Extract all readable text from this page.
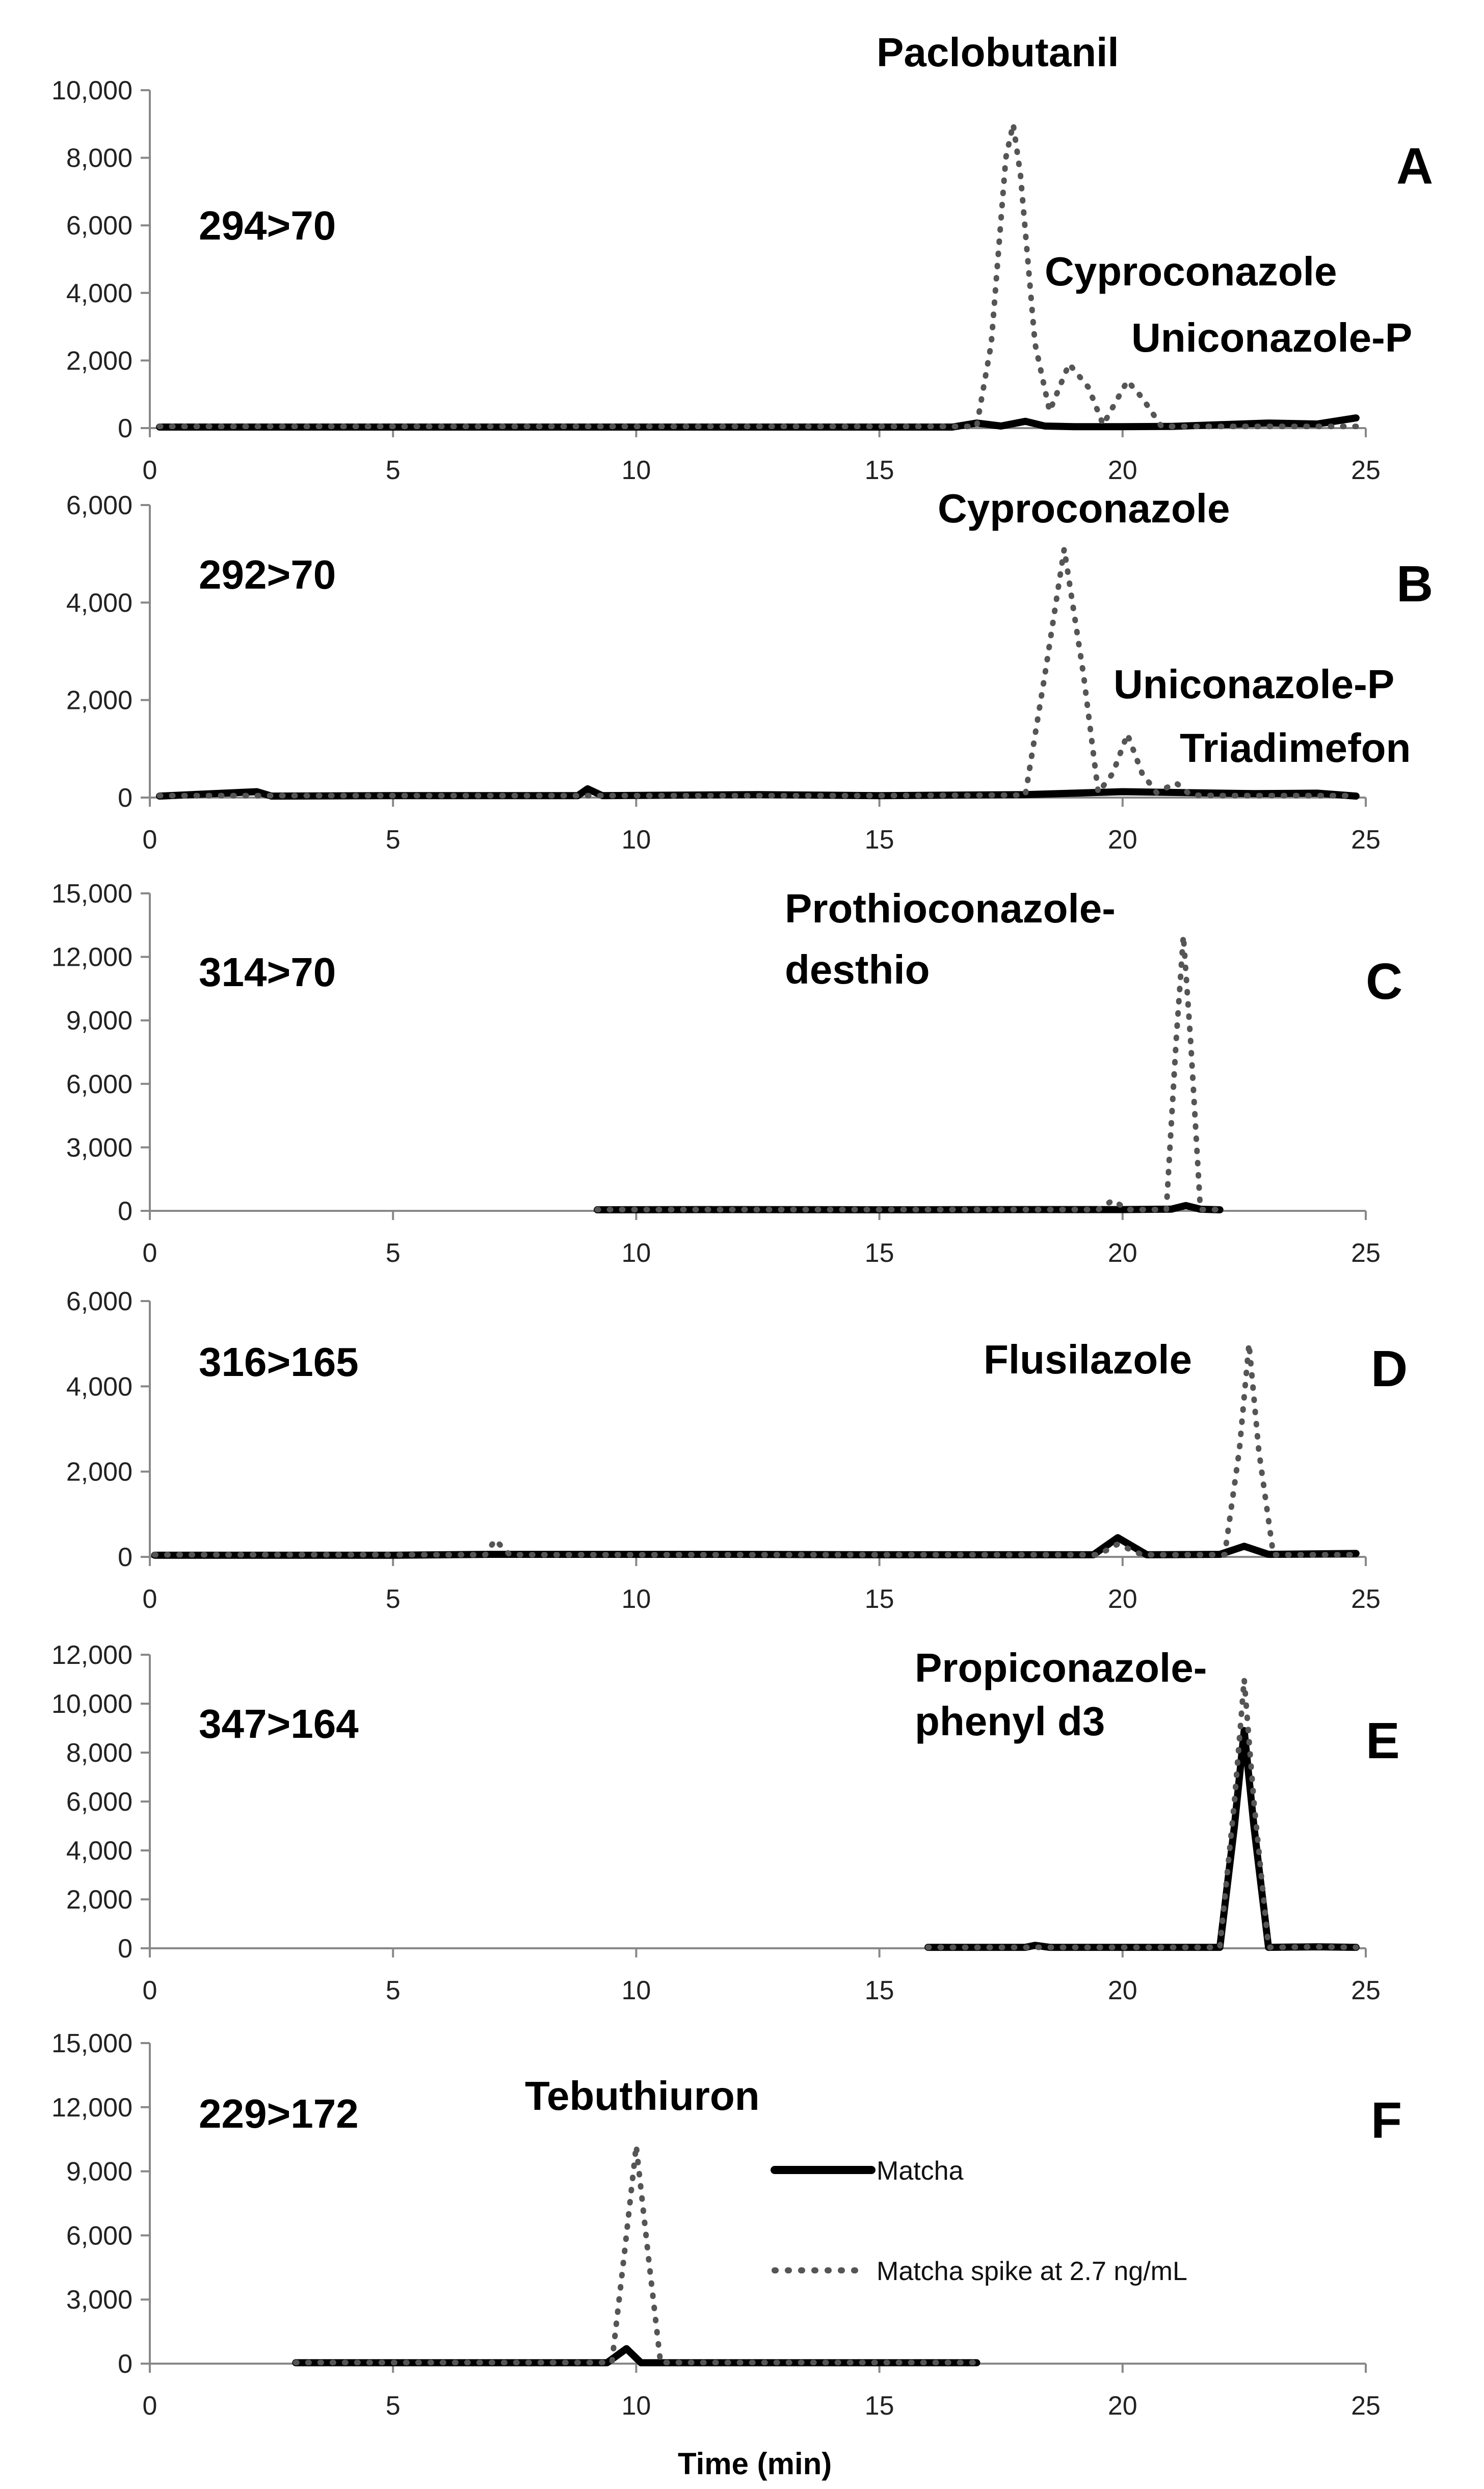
0
2,000
4,000
6,000
8,000
10,000
0	5	10	15	20	25
294>70
A
Paclobutanil
Cyproconazole
Uniconazole-P
0
2,000
4,000
6,000
0	5	10	15	20	25
292>70	B
Cyproconazole
Uniconazole-P
Triadimefon
0
3,000
6,000
9,000
12,000
15,000
0	5	10	15	20	25
314>70	C
Prothioconazole-
desthio
0
2,000
4,000
6,000
0	5	10	15	20	25
316>165	D
Flusilazole
0
2,000
4,000
6,000
8,000
10,000
12,000
0	5	10	15	20	25
347>164	E
Propiconazole-
phenyl d3
0
3,000
6,000
9,000
12,000
15,000
0	5	10	15	20	25
229>172	F
Tebuthiuron
Matcha
Matcha spike at 2.7 ng/mL
Time (min)
